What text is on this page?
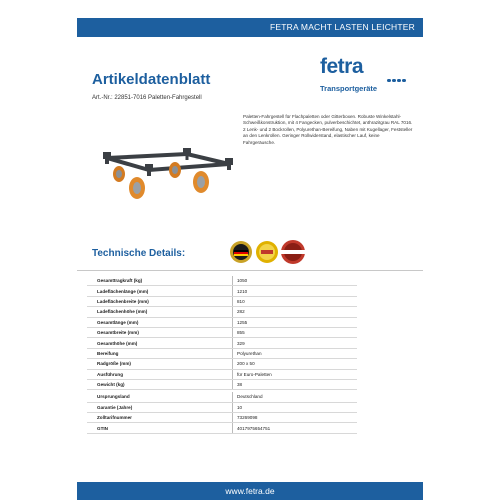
FETRA MACHT LASTEN LEICHTER
Artikeldatenblatt
Art.-Nr.: 22851-7016 Paletten-Fahrgestell
fetra
Transportgeräte
Paletten-Fahrgestell für Flachpaletten oder Gitterboxen. Robuste Winkelstahl-Schweißkonstruktion, mit 4 Fangecken, pulverbeschichtet, anthrazitgrau RAL 7016. 2 Lenk- und 2 Bockrollen, Polyurethan-Bereifung, Naben mit Kugellager, Feststeller an den Lenkrollen. Geringer Rollwiderstand, elastischer Lauf, keine Fahrgeräusche.
Technische Details:
Gesamttragkraft (kg)	1050
Ladeflächenlänge (mm)	1210
Ladeflächenbreite (mm)	810
Ladeflächenhöhe (mm)	282
Gesamtlänge (mm)	1255
Gesamtbreite (mm)	855
Gesamthöhe (mm)	329
Bereifung	Polyurethan
Radgröße (mm)	200 x 50
Ausführung	für Euro-Paletten
Gewicht (kg)	38

Ursprungsland	Deutschland
Garantie (Jahre)	10
Zolltarifnummer	73269098
GTIN	4017975654751
www.fetra.de
